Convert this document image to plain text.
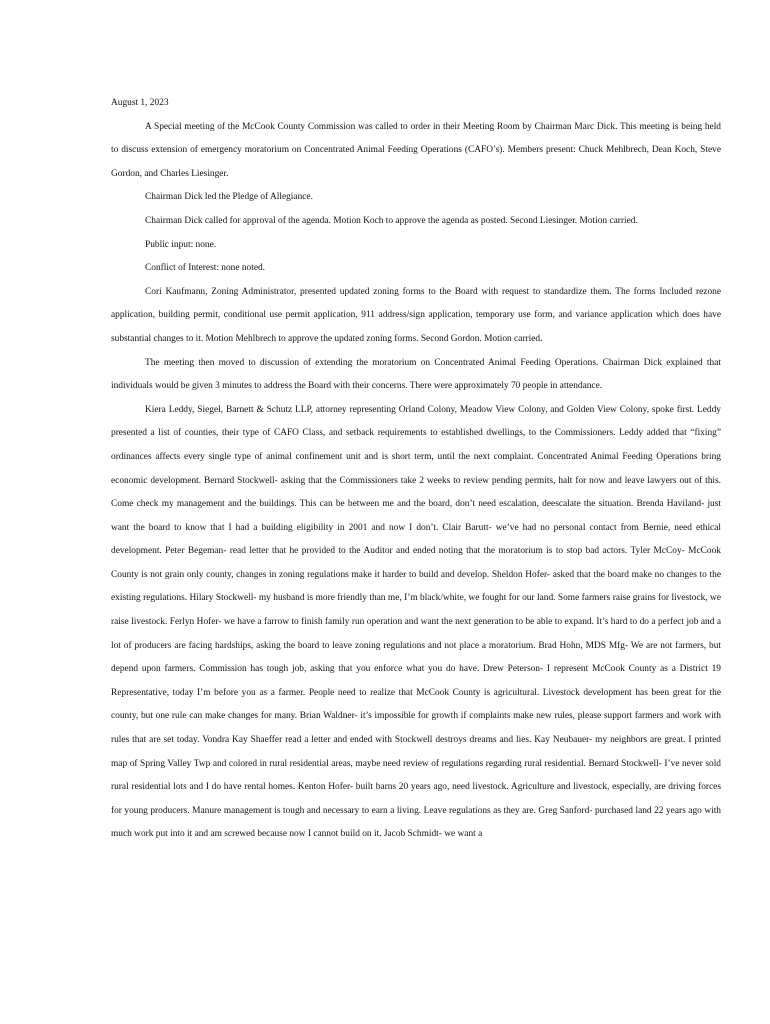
August 1, 2023

A Special meeting of the McCook County Commission was called to order in their Meeting Room by Chairman Marc Dick. This meeting is being held to discuss extension of emergency moratorium on Concentrated Animal Feeding Operations (CAFO’s). Members present: Chuck Mehlbrech, Dean Koch, Steve Gordon, and Charles Liesinger.

Chairman Dick led the Pledge of Allegiance.

Chairman Dick called for approval of the agenda. Motion Koch to approve the agenda as posted. Second Liesinger. Motion carried.

Public input: none.

Conflict of Interest: none noted.

Cori Kaufmann, Zoning Administrator, presented updated zoning forms to the Board with request to standardize them. The forms Included rezone application, building permit, conditional use permit application, 911 address/sign application, temporary use form, and variance application which does have substantial changes to it. Motion Mehlbrech to approve the updated zoning forms. Second Gordon. Motion carried.

The meeting then moved to discussion of extending the moratorium on Concentrated Animal Feeding Operations. Chairman Dick explained that individuals would be given 3 minutes to address the Board with their concerns. There were approximately 70 people in attendance.

Kiera Leddy, Siegel, Barnett & Schutz LLP, attorney representing Orland Colony, Meadow View Colony, and Golden View Colony, spoke first. Leddy presented a list of counties, their type of CAFO Class, and setback requirements to established dwellings, to the Commissioners. Leddy added that “fixing” ordinances affects every single type of animal confinement unit and is short term, until the next complaint. Concentrated Animal Feeding Operations bring economic development. Bernard Stockwell- asking that the Commissioners take 2 weeks to review pending permits, halt for now and leave lawyers out of this. Come check my management and the buildings. This can be between me and the board, don’t need escalation, deescalate the situation. Brenda Haviland- just want the board to know that I had a building eligibility in 2001 and now I don’t. Clair Barutt- we’ve had no personal contact from Bernie, need ethical development. Peter Begeman- read letter that he provided to the Auditor and ended noting that the moratorium is to stop bad actors. Tyler McCoy- McCook County is not grain only county, changes in zoning regulations make it harder to build and develop. Sheldon Hofer- asked that the board make no changes to the existing regulations. Hilary Stockwell- my husband is more friendly than me, I’m black/white, we fought for our land. Some farmers raise grains for livestock, we raise livestock. Ferlyn Hofer- we have a farrow to finish family run operation and want the next generation to be able to expand. It’s hard to do a perfect job and a lot of producers are facing hardships, asking the board to leave zoning regulations and not place a moratorium. Brad Hohn, MDS Mfg- We are not farmers, but depend upon farmers. Commission has tough job, asking that you enforce what you do have. Drew Peterson- I represent McCook County as a District 19 Representative, today I’m before you as a farmer. People need to realize that McCook County is agricultural. Livestock development has been great for the county, but one rule can make changes for many. Brian Waldner- it’s impossible for growth if complaints make new rules, please support farmers and work with rules that are set today. Vondra Kay Shaeffer read a letter and ended with Stockwell destroys dreams and lies. Kay Neubauer- my neighbors are great. I printed map of Spring Valley Twp and colored in rural residential areas, maybe need review of regulations regarding rural residential. Bernard Stockwell- I’ve never sold rural residential lots and I do have rental homes. Kenton Hofer- built barns 20 years ago, need livestock. Agriculture and livestock, especially, are driving forces for young producers. Manure management is tough and necessary to earn a living. Leave regulations as they are. Greg Sanford- purchased land 22 years ago with much work put into it and am screwed because now I cannot build on it. Jacob Schmidt- we want a
